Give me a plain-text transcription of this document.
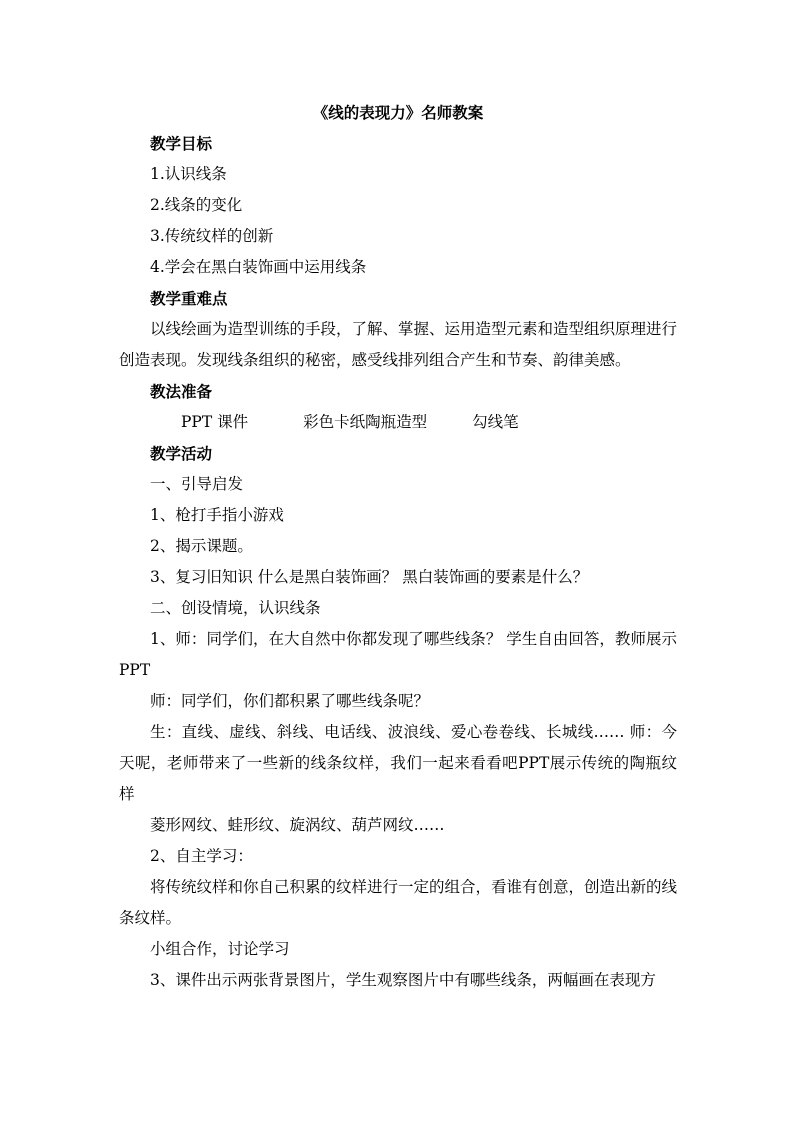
《线的表现力》名师教案

教学目标

1.认识线条

2.线条的变化

3.传统纹样的创新

4.学会在黑白装饰画中运用线条

教学重难点

以线绘画为造型训练的手段，了解、掌握、运用造型元素和造型组织原理进行创造表现。发现线条组织的秘密，感受线排列组合产生和节奏、韵律美感。

教法准备

PPT 课件	彩色卡纸陶瓶造型	勾线笔

教学活动

一、引导启发

1、枪打手指小游戏

2、揭示课题。

3、复习旧知识 什么是黑白装饰画？ 黑白装饰画的要素是什么？

二、创设情境，认识线条

1、师：同学们，在大自然中你都发现了哪些线条？ 学生自由回答，教师展示PPT

师：同学们，你们都积累了哪些线条呢？

生：直线、虚线、斜线、电话线、波浪线、爱心卷卷线、长城线…… 师：今天呢，老师带来了一些新的线条纹样，我们一起来看看吧PPT展示传统的陶瓶纹样

菱形网纹、蛙形纹、旋涡纹、葫芦网纹……

2、自主学习：

将传统纹样和你自己积累的纹样进行一定的组合，看谁有创意，创造出新的线条纹样。

小组合作，讨论学习

3、课件出示两张背景图片，学生观察图片中有哪些线条，两幅画在表现方
